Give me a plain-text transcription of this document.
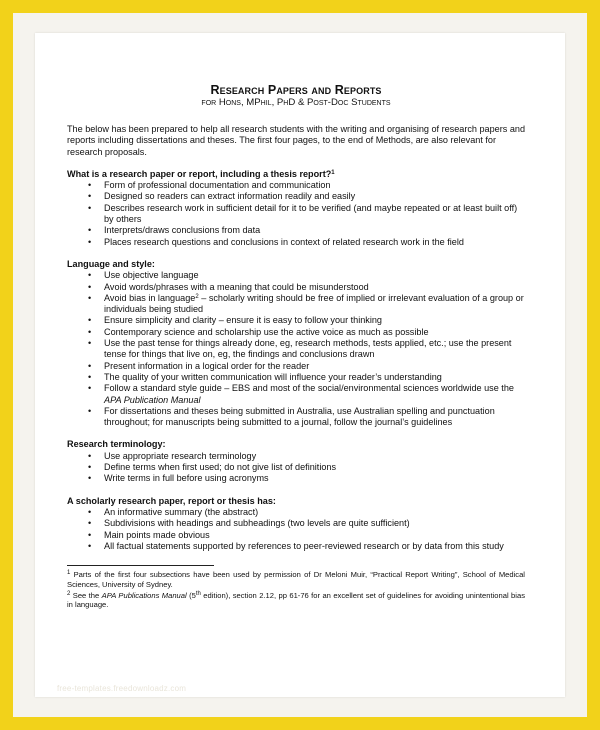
Research Papers and Reports

for Hons, MPhil, PhD & Post-Doc Students

The below has been prepared to help all research students with the writing and organising of research papers and reports including dissertations and theses. The first four pages, to the end of Methods, are also relevant for research proposals.

What is a research paper or report, including a thesis report?$^1$

• Form of professional documentation and communication
• Designed so readers can extract information readily and easily
• Describes research work in sufficient detail for it to be verified (and maybe repeated or at least built off) by others
• Interprets/draws conclusions from data
• Places research questions and conclusions in context of related research work in the field

Language and style:

• Use objective language
• Avoid words/phrases with a meaning that could be misunderstood
• Avoid bias in language$^2$ – scholarly writing should be free of implied or irrelevant evaluation of a group or individuals being studied
• Ensure simplicity and clarity – ensure it is easy to follow your thinking
• Contemporary science and scholarship use the active voice as much as possible
• Use the past tense for things already done, eg, research methods, tests applied, etc.; use the present tense for things that live on, eg, the findings and conclusions drawn
• Present information in a logical order for the reader
• The quality of your written communication will influence your reader’s understanding
• Follow a standard style guide – EBS and most of the social/environmental sciences worldwide use the APA Publication Manual
• For dissertations and theses being submitted in Australia, use Australian spelling and punctuation throughout; for manuscripts being submitted to a journal, follow the journal’s guidelines

Research terminology:

• Use appropriate research terminology
• Define terms when first used; do not give list of definitions
• Write terms in full before using acronyms

A scholarly research paper, report or thesis has:

• An informative summary (the abstract)
• Subdivisions with headings and subheadings (two levels are quite sufficient)
• Main points made obvious
• All factual statements supported by references to peer-reviewed research or by data from this study

$^1$ Parts of the first four subsections have been used by permission of Dr Meloni Muir, “Practical Report Writing”, School of Medical Sciences, University of Sydney.

$^2$ See the APA Publications Manual (5th edition), section 2.12, pp 61-76 for an excellent set of guidelines for avoiding unintentional bias in language.

free-templates.freedownloadz.com
